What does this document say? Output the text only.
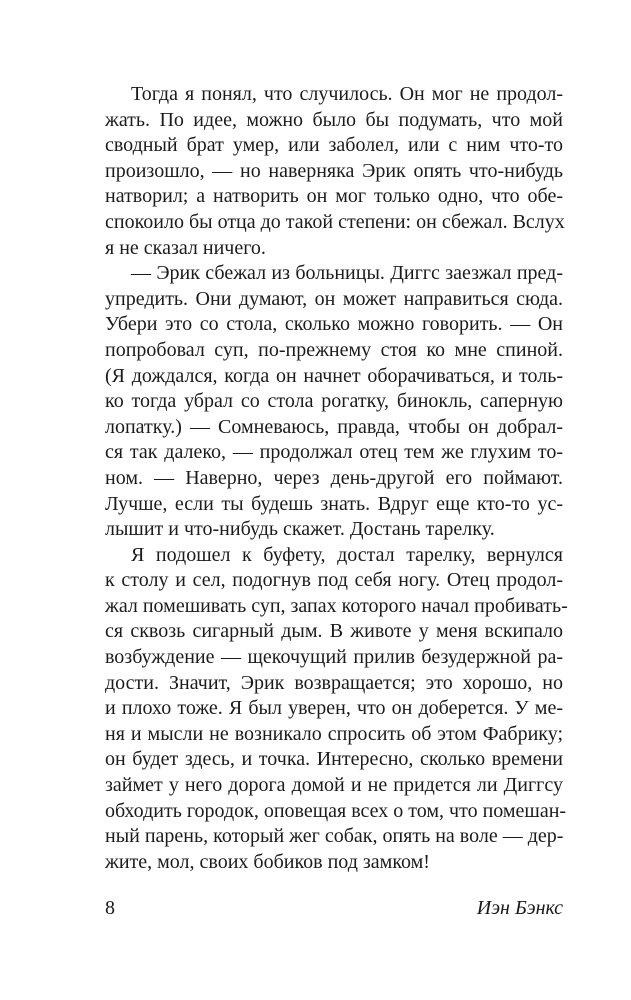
Тогда я понял, что случилось. Он мог не продол-
жать. По идее, можно было бы подумать, что мой
сводный брат умер, или заболел, или с ним что-то
произошло, — но наверняка Эрик опять что-нибудь
натворил; а натворить он мог только одно, что обе-
спокоило бы отца до такой степени: он сбежал. Вслух
я не сказал ничего.
— Эрик сбежал из больницы. Диггс заезжал пред-
упредить. Они думают, он может направиться сюда.
Убери это со стола, сколько можно говорить. — Он
попробовал суп, по-прежнему стоя ко мне спиной.
(Я дождался, когда он начнет оборачиваться, и толь-
ко тогда убрал со стола рогатку, бинокль, саперную
лопатку.) — Сомневаюсь, правда, чтобы он добрал-
ся так далеко, — продолжал отец тем же глухим то-
ном. — Наверно, через день-другой его поймают.
Лучше, если ты будешь знать. Вдруг еще кто-то ус-
лышит и что-нибудь скажет. Достань тарелку.
Я подошел к буфету, достал тарелку, вернулся
к столу и сел, подогнув под себя ногу. Отец продол-
жал помешивать суп, запах которого начал пробивать-
ся сквозь сигарный дым. В животе у меня вскипало
возбуждение — щекочущий прилив безудержной ра-
дости. Значит, Эрик возвращается; это хорошо, но
и плохо тоже. Я был уверен, что он доберется. У ме-
ня и мысли не возникало спросить об этом Фабрику;
он будет здесь, и точка. Интересно, сколько времени
займет у него дорога домой и не придется ли Диггсу
обходить городок, оповещая всех о том, что помешан-
ный парень, который жег собак, опять на воле — дер-
жите, мол, своих бобиков под замком!
8	Иэн Бэнкс
